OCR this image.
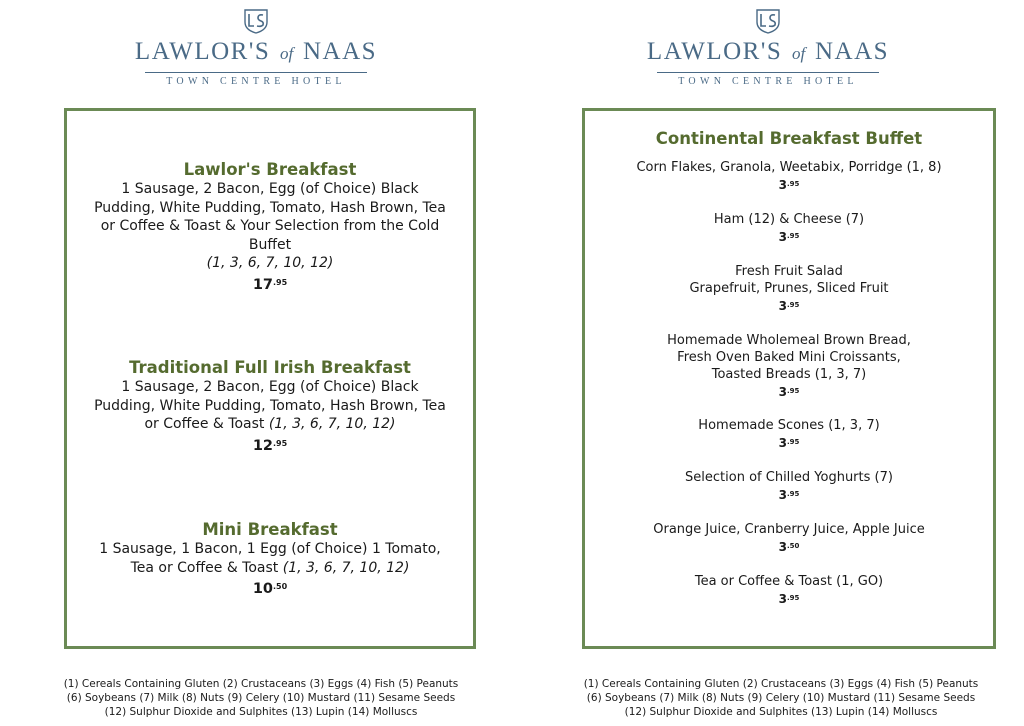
LAWLOR'S of NAAS
TOWN CENTRE HOTEL
Lawlor's Breakfast
1 Sausage, 2 Bacon, Egg (of Choice) Black Pudding, White Pudding, Tomato, Hash Brown, Tea or Coffee & Toast & Your Selection from the Cold Buffet
(1, 3, 6, 7, 10, 12)
$17^{.95}$
Traditional Full Irish Breakfast
1 Sausage, 2 Bacon, Egg (of Choice) Black Pudding, White Pudding, Tomato, Hash Brown, Tea or Coffee & Toast (1, 3, 6, 7, 10, 12)
$12^{.95}$
Mini Breakfast
1 Sausage, 1 Bacon, 1 Egg (of Choice) 1 Tomato, Tea or Coffee & Toast (1, 3, 6, 7, 10, 12)
$10^{.50}$
(1) Cereals Containing Gluten (2) Crustaceans (3) Eggs (4) Fish (5) Peanuts
(6) Soybeans (7) Milk (8) Nuts (9) Celery (10) Mustard (11) Sesame Seeds
(12) Sulphur Dioxide and Sulphites (13) Lupin (14) Molluscs
LAWLOR'S of NAAS
TOWN CENTRE HOTEL
Continental Breakfast Buffet
Corn Flakes, Granola, Weetabix, Porridge (1, 8)
$3^{.95}$
Ham (12) & Cheese (7)
$3^{.95}$
Fresh Fruit Salad
Grapefruit, Prunes, Sliced Fruit
$3^{.95}$
Homemade Wholemeal Brown Bread,
Fresh Oven Baked Mini Croissants,
Toasted Breads (1, 3, 7)
$3^{.95}$
Homemade Scones (1, 3, 7)
$3^{.95}$
Selection of Chilled Yoghurts (7)
$3^{.95}$
Orange Juice, Cranberry Juice, Apple Juice
$3^{.50}$
Tea or Coffee & Toast (1, GO)
$3^{.95}$
(1) Cereals Containing Gluten (2) Crustaceans (3) Eggs (4) Fish (5) Peanuts
(6) Soybeans (7) Milk (8) Nuts (9) Celery (10) Mustard (11) Sesame Seeds
(12) Sulphur Dioxide and Sulphites (13) Lupin (14) Molluscs
